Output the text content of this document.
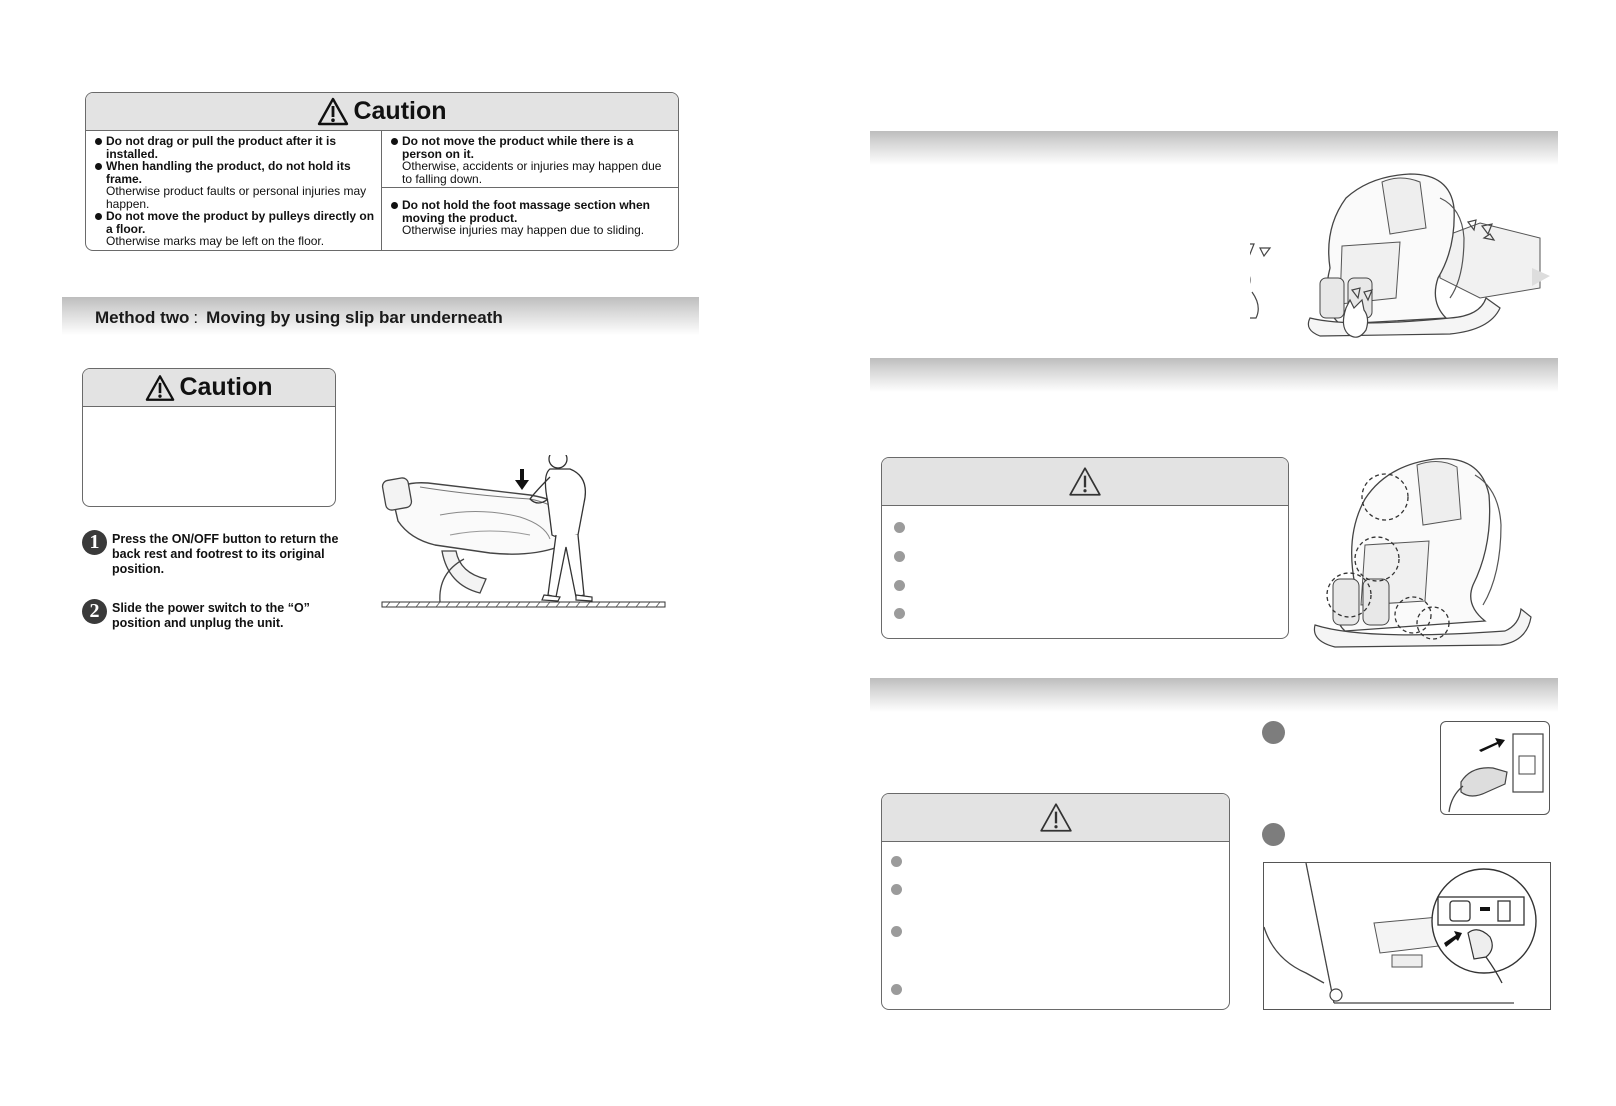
Caution
Do not drag or pull the product after it is installed.
When handling the product, do not hold its frame.
Otherwise product faults or personal injuries may happen.
Do not move the product by pulleys directly on a floor.
Otherwise marks may be left on the floor.
Do not move the product while there is a person on it.
Otherwise, accidents or injuries may happen due to falling down.
Do not hold the foot massage section when moving the product.
Otherwise injuries may happen due to sliding.
Method two : Moving by using slip bar underneath
Caution
1	Press the ON/OFF button to return the back rest and footrest to its original position.
2	Slide the power switch to the “O” position and unplug the unit.
